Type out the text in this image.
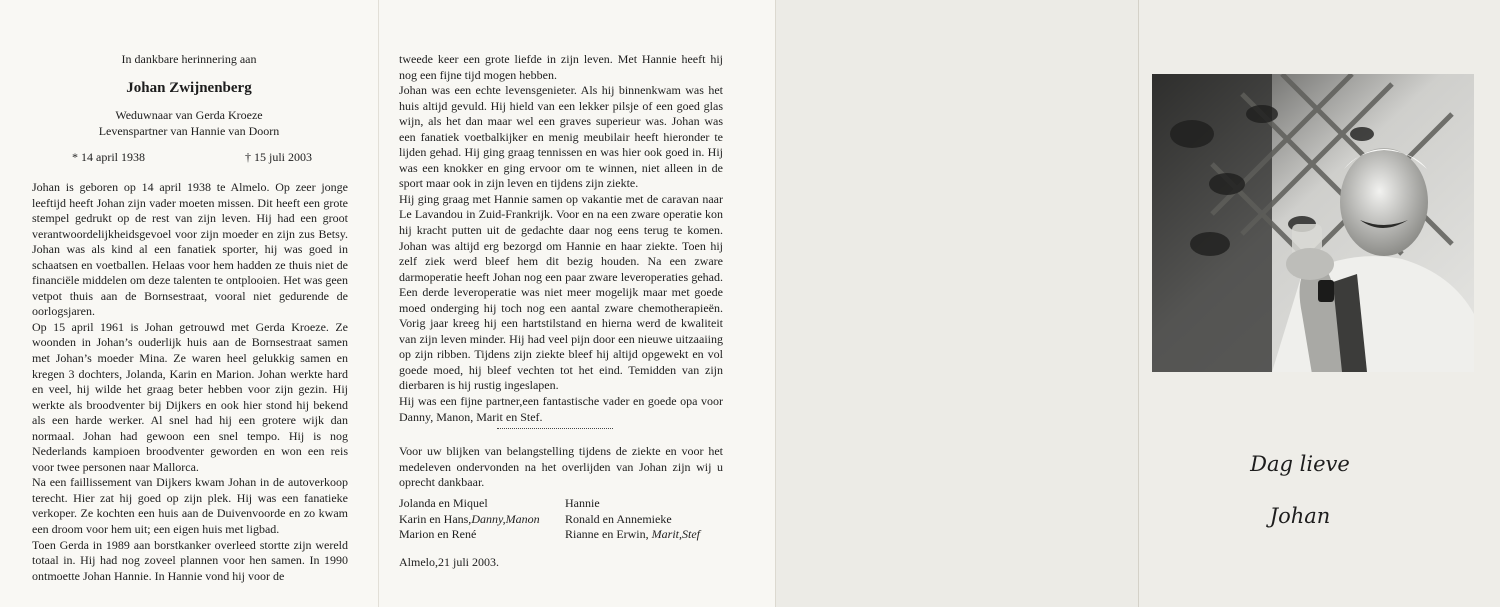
In dankbare herinnering aan
Johan Zwijnenberg
Weduwnaar van Gerda Kroeze
Levenspartner van Hannie van Doorn
* 14 april 1938	† 15 juli 2003

Johan is geboren op 14 april 1938 te Almelo. Op zeer jonge leeftijd heeft Johan zijn vader moeten missen. Dit heeft een grote stempel gedrukt op de rest van zijn leven. Hij had een groot verantwoordelijkheidsgevoel voor zijn moeder en zijn zus Betsy. Johan was als kind al een fanatiek sporter, hij was goed in schaatsen en voetballen. Helaas voor hem hadden ze thuis niet de financiële middelen om deze talenten te ontplooien. Het was geen vetpot thuis aan de Bornsestraat, vooral niet gedurende de oorlogsjaren.

Op 15 april 1961 is Johan getrouwd met Gerda Kroeze. Ze woonden in Johan’s ouderlijk huis aan de Bornsestraat samen met Johan’s moeder Mina. Ze waren heel gelukkig samen en kregen 3 dochters, Jolanda, Karin en Marion. Johan werkte hard en veel, hij wilde het graag beter hebben voor zijn gezin. Hij werkte als broodventer bij Dijkers en ook hier stond hij bekend als een harde werker. Al snel had hij een grotere wijk dan normaal. Johan had gewoon een snel tempo. Hij is nog Nederlands kampioen broodventer geworden en won een reis voor twee personen naar Mallorca.

Na een faillissement van Dijkers kwam Johan in de autoverkoop terecht. Hier zat hij goed op zijn plek. Hij was een fanatieke verkoper. Ze kochten een huis aan de Duivenvoorde en zo kwam een droom voor hem uit; een eigen huis met ligbad.

Toen Gerda in 1989 aan borstkanker overleed stortte zijn wereld totaal in. Hij had nog zoveel plannen voor hen samen. In 1990 ontmoette Johan Hannie. In Hannie vond hij voor de

tweede keer een grote liefde in zijn leven. Met Hannie heeft hij nog een fijne tijd mogen hebben.

Johan was een echte levensgenieter. Als hij binnenkwam was het huis altijd gevuld. Hij hield van een lekker pilsje of een goed glas wijn, als het dan maar wel een graves superieur was. Johan was een fanatiek voetbalkijker en menig meubilair heeft hieronder te lijden gehad. Hij ging graag tennissen en was hier ook goed in. Hij was een knokker en ging ervoor om te winnen, niet alleen in de sport maar ook in zijn leven en tijdens zijn ziekte.

Hij ging graag met Hannie samen op vakantie met de caravan naar Le Lavandou in Zuid-Frankrijk. Voor en na een zware operatie kon hij kracht putten uit de gedachte daar nog eens terug te komen. Johan was altijd erg bezorgd om Hannie en haar ziekte. Toen hij zelf ziek werd bleef hem dit bezig houden. Na een zware darmoperatie heeft Johan nog een paar zware leveroperaties gehad. Een derde leveroperatie was niet meer mogelijk maar met goede moed onderging hij toch nog een aantal zware chemotherapieën. Vorig jaar kreeg hij een hartstilstand en hierna werd de kwaliteit van zijn leven minder. Hij had veel pijn door een nieuwe uitzaaiing op zijn ribben. Tijdens zijn ziekte bleef hij altijd opgewekt en vol goede moed, hij bleef vechten tot het eind. Temidden van zijn dierbaren is hij rustig ingeslapen.

Hij was een fijne partner,een fantastische vader en goede opa voor Danny, Manon, Marit en Stef.

Voor uw blijken van belangstelling tijdens de ziekte en voor het medeleven ondervonden na het overlijden van Johan zijn wij u oprecht dankbaar.
Jolanda en Miquel
Karin en Hans,Danny,Manon
Marion en René
Hannie
Ronald en Annemieke
Rianne en Erwin, Marit,Stef
Almelo,21 juli 2003.
Dag lieve
Johan
